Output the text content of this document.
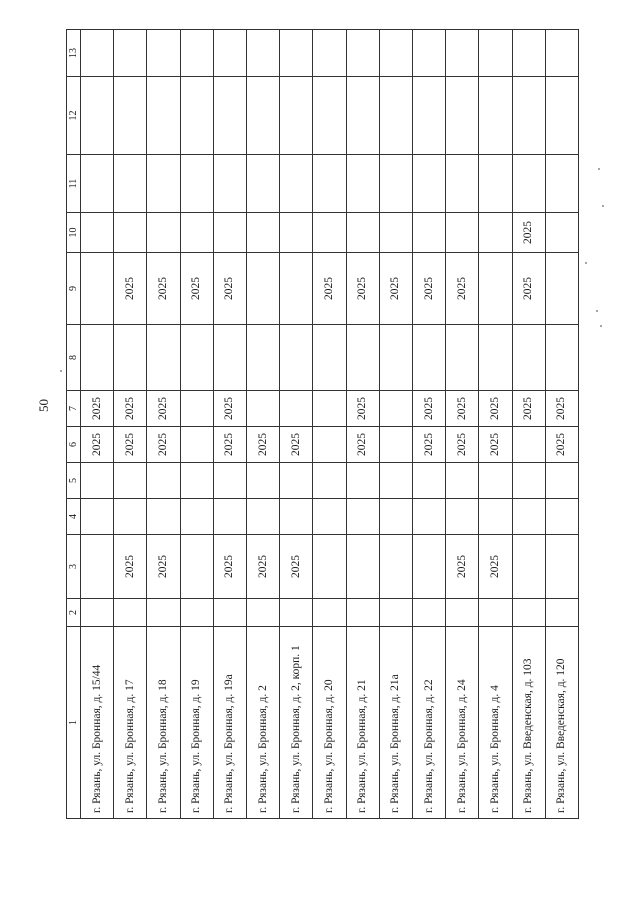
50
1	2	3	4	5	6	7	8	9	10	11	12	13
г. Рязань, ул. Бронная, д. 15/44					2025	2025						
г. Рязань, ул. Бронная, д. 17		2025			2025	2025		2025				
г. Рязань, ул. Бронная, д. 18		2025			2025	2025		2025				
г. Рязань, ул. Бронная, д. 19								2025				
г. Рязань, ул. Бронная, д. 19а		2025			2025	2025		2025				
г. Рязань, ул. Бронная, д. 2		2025			2025							
г. Рязань, ул. Бронная, д. 2, корп. 1		2025			2025							
г. Рязань, ул. Бронная, д. 20								2025				
г. Рязань, ул. Бронная, д. 21					2025	2025		2025				
г. Рязань, ул. Бронная, д. 21а								2025				
г. Рязань, ул. Бронная, д. 22					2025	2025		2025				
г. Рязань, ул. Бронная, д. 24		2025			2025	2025		2025				
г. Рязань, ул. Бронная, д. 4		2025			2025	2025						
г. Рязань, ул. Введенская, д. 103						2025		2025	2025			
г. Рязань, ул. Введенская, д. 120					2025	2025						
